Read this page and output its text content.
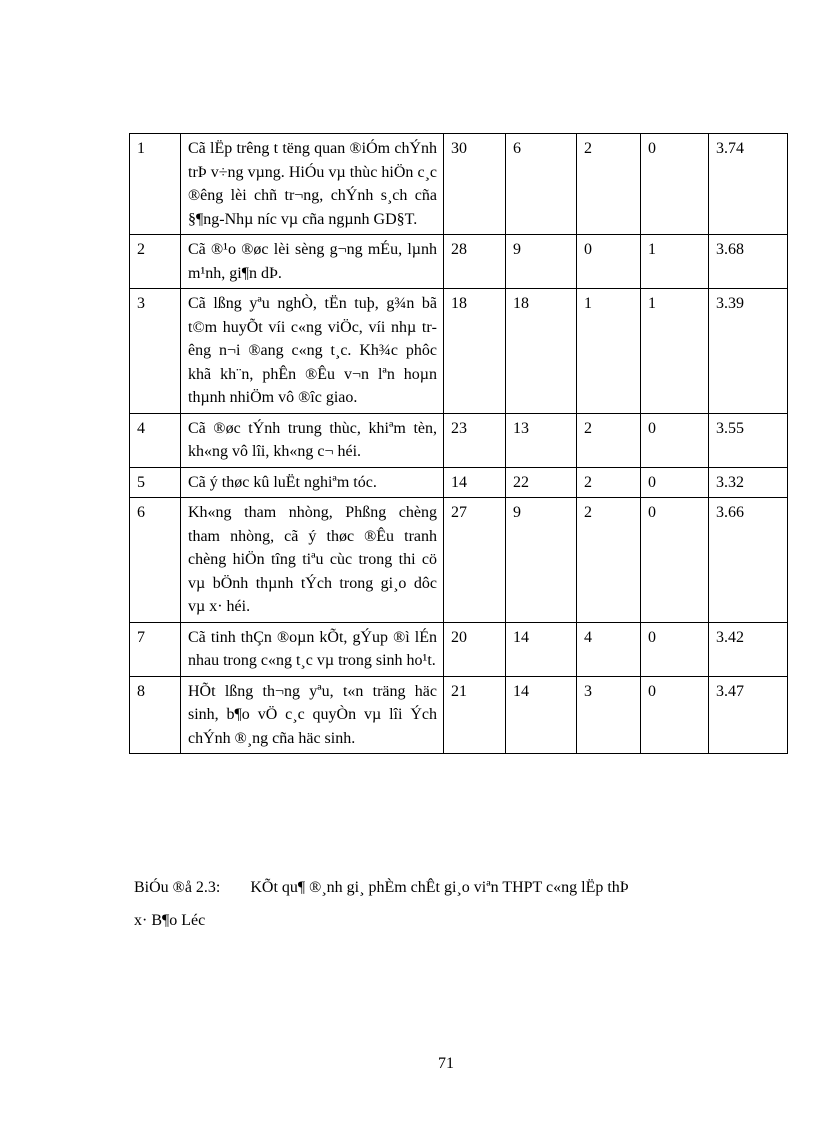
1	Cã lËp trêng t tëng quan ®iÓm chÝnh trÞ v÷ng vµng. HiÓu vµ thùc hiÖn c¸c ®êng lèi chñ tr¬ng, chÝnh s¸ch cña §¶ng-Nhµ níc vµ cña ngµnh GD§T.	30	6	2	0	3.74
2	Cã ®¹o ®øc lèi sèng g¬ng mÉu, lµnh m¹nh, gi¶n dÞ.	28	9	0	1	3.68
3	Cã lßng yªu nghÒ, tËn tuþ, g¾n bã t©m huyÕt víi c«ng viÖc, víi nhµ trêng n¬i ®ang c«ng t¸c. Kh¾c phôc khã kh¨n, phÊn ®Êu v¬n lªn hoµn thµnh nhiÖm vô ®îc giao.	18	18	1	1	3.39
4	Cã ®øc tÝnh trung thùc, khiªm tèn, kh«ng vô lîi, kh«ng c¬ héi.	23	13	2	0	3.55
5	Cã ý thøc kû luËt nghiªm tóc.	14	22	2	0	3.32
6	Kh«ng tham nhòng, Phßng chèng tham nhòng, cã ý thøc ®Êu tranh chèng hiÖn tîng tiªu cùc trong thi cö vµ bÖnh thµnh tÝch trong gi¸o dôc vµ x· héi.	27	9	2	0	3.66
7	Cã tinh thÇn ®oµn kÕt, gÝup ®ì lÉn nhau trong c«ng t¸c vµ trong sinh ho¹t.	20	14	4	0	3.42
8	HÕt lßng th¬ng yªu, t«n träng häc sinh, b¶o vÖ c¸c quyÒn vµ lîi Ých chÝnh ®¸ng cña häc sinh.	21	14	3	0	3.47
BiÓu ®å 2.3: KÕt qu¶ ®¸nh gi¸ phÈm chÊt gi¸o viªn THPT c«ng lËp thÞ
x· B¶o Léc
71
